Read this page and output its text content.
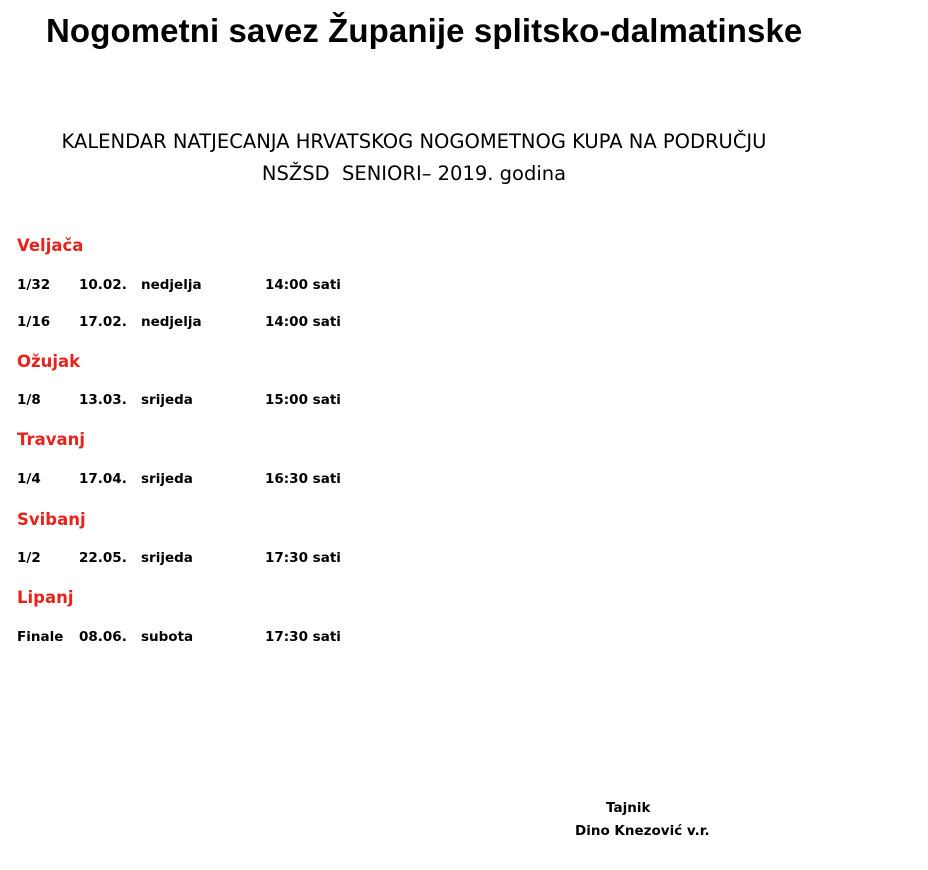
Nogometni savez Županije splitsko-dalmatinske
KALENDAR NATJECANJA HRVATSKOG NOGOMETNOG KUPA NA PODRUČJU
NSŽSD  SENIORI– 2019. godina
Veljača
1/32 10.02. nedjelja	14:00 sati
1/16 17.02. nedjelja	14:00 sati
Ožujak
1/8	13.03. srijeda	15:00 sati
Travanj
1/4	17.04. srijeda	16:30 sati
Svibanj
1/2	22.05. srijeda	17:30 sati
Lipanj
Finale 08.06. subota	17:30 sati
Tajnik
Dino Knezović v.r.
